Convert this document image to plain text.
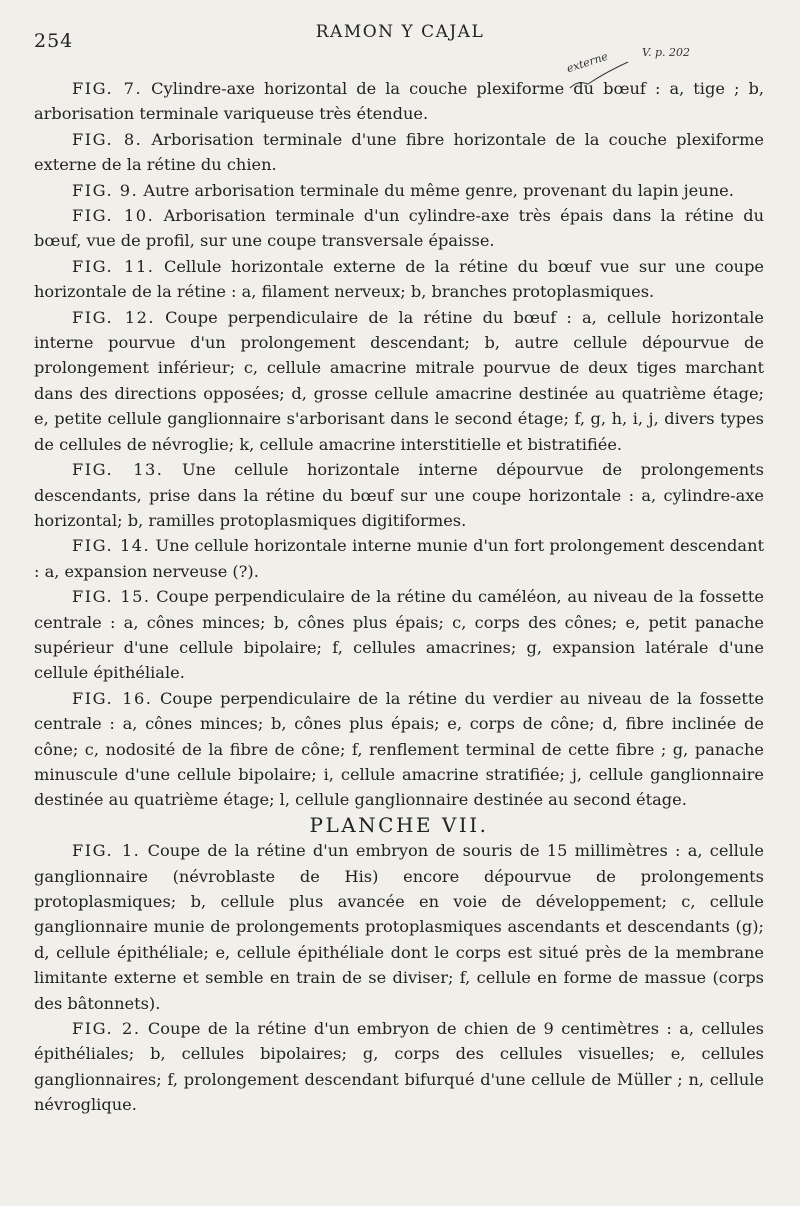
254	RAMON Y CAJAL
externe	V. p. 202

FIG. 7. Cylindre-axe horizontal de la couche plexiforme du bœuf : a, tige ; b, arborisation terminale variqueuse très étendue.

FIG. 8. Arborisation terminale d'une fibre horizontale de la couche plexiforme externe de la rétine du chien.

FIG. 9. Autre arborisation terminale du même genre, provenant du lapin jeune.

FIG. 10. Arborisation terminale d'un cylindre-axe très épais dans la rétine du bœuf, vue de profil, sur une coupe transversale épaisse.

FIG. 11. Cellule horizontale externe de la rétine du bœuf vue sur une coupe horizontale de la rétine : a, filament nerveux; b, branches protoplasmiques.

FIG. 12. Coupe perpendiculaire de la rétine du bœuf : a, cellule horizontale interne pourvue d'un prolongement descendant; b, autre cellule dépourvue de prolongement inférieur; c, cellule amacrine mitrale pourvue de deux tiges marchant dans des directions opposées; d, grosse cellule amacrine destinée au quatrième étage; e, petite cellule ganglionnaire s'arborisant dans le second étage; f, g, h, i, j, divers types de cellules de névroglie; k, cellule amacrine interstitielle et bistratifiée.

FIG. 13. Une cellule horizontale interne dépourvue de prolongements descendants, prise dans la rétine du bœuf sur une coupe horizontale : a, cylindre-axe horizontal; b, ramilles protoplasmiques digitiformes.

FIG. 14. Une cellule horizontale interne munie d'un fort prolongement descendant : a, expansion nerveuse (?).

FIG. 15. Coupe perpendiculaire de la rétine du caméléon, au niveau de la fossette centrale : a, cônes minces; b, cônes plus épais; c, corps des cônes; e, petit panache supérieur d'une cellule bipolaire; f, cellules amacrines; g, expansion latérale d'une cellule épithéliale.

FIG. 16. Coupe perpendiculaire de la rétine du verdier au niveau de la fossette centrale : a, cônes minces; b, cônes plus épais; e, corps de cône; d, fibre inclinée de cône; c, nodosité de la fibre de cône; f, renflement terminal de cette fibre ; g, panache minuscule d'une cellule bipolaire; i, cellule amacrine stratifiée; j, cellule ganglionnaire destinée au quatrième étage; l, cellule ganglionnaire destinée au second étage.

PLANCHE VII.

FIG. 1. Coupe de la rétine d'un embryon de souris de 15 millimètres : a, cellule ganglionnaire (névroblaste de His) encore dépourvue de prolongements protoplasmiques; b, cellule plus avancée en voie de développement; c, cellule ganglionnaire munie de prolongements protoplasmiques ascendants et descendants (g); d, cellule épithéliale; e, cellule épithéliale dont le corps est situé près de la membrane limitante externe et semble en train de se diviser; f, cellule en forme de massue (corps des bâtonnets).

FIG. 2. Coupe de la rétine d'un embryon de chien de 9 centimètres : a, cellules épithéliales; b, cellules bipolaires; g, corps des cellules visuelles; e, cellules ganglionnaires; f, prolongement descendant bifurqué d'une cellule de Müller ; n, cellule névroglique.
